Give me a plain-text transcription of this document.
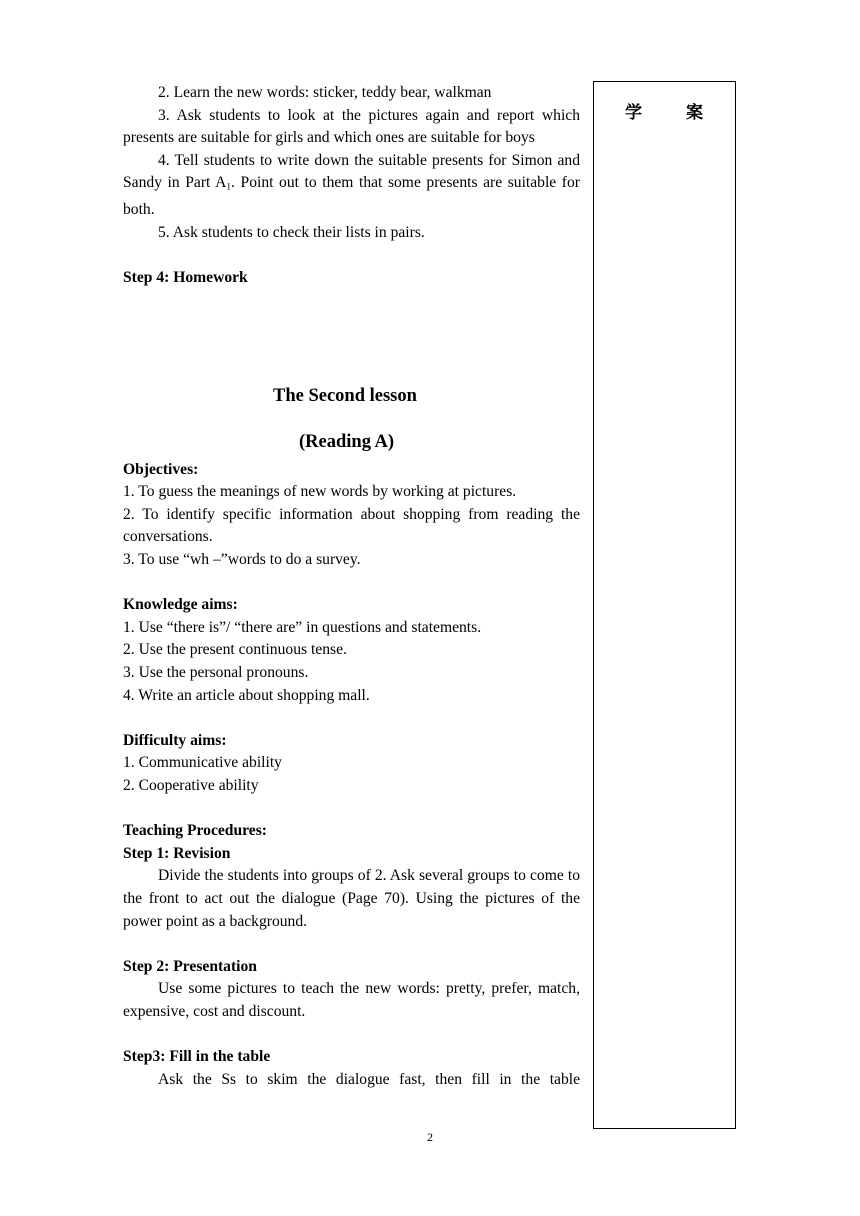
2. Learn the new words: sticker, teddy bear, walkman

3. Ask students to look at the pictures again and report which presents are suitable for girls and which ones are suitable for boys

4. Tell students to write down the suitable presents for Simon and Sandy in Part $A_1$. Point out to them that some presents are suitable for both.

5. Ask students to check their lists in pairs.

Step 4: Homework

Objectives:

1. To guess the meanings of new words by working at pictures.

2. To identify specific information about shopping from reading the conversations.

3. To use “wh –”words to do a survey.

Knowledge aims:

1. Use “there is”/ “there are” in questions and statements.

2. Use the present continuous tense.

3. Use the personal pronouns.

4. Write an article about shopping mall.

Difficulty aims:

1. Communicative ability

2. Cooperative ability

Teaching Procedures:

Step 1: Revision

Divide the students into groups of 2. Ask several groups to come to the front to act out the dialogue (Page 70). Using the pictures of the power point as a background.

Step 2: Presentation

Use some pictures to teach the new words: pretty, prefer, match, expensive, cost and discount.

Step3: Fill in the table

Ask the Ss to skim the dialogue fast, then fill in the table

The Second lesson
(Reading A)
学	案
2
